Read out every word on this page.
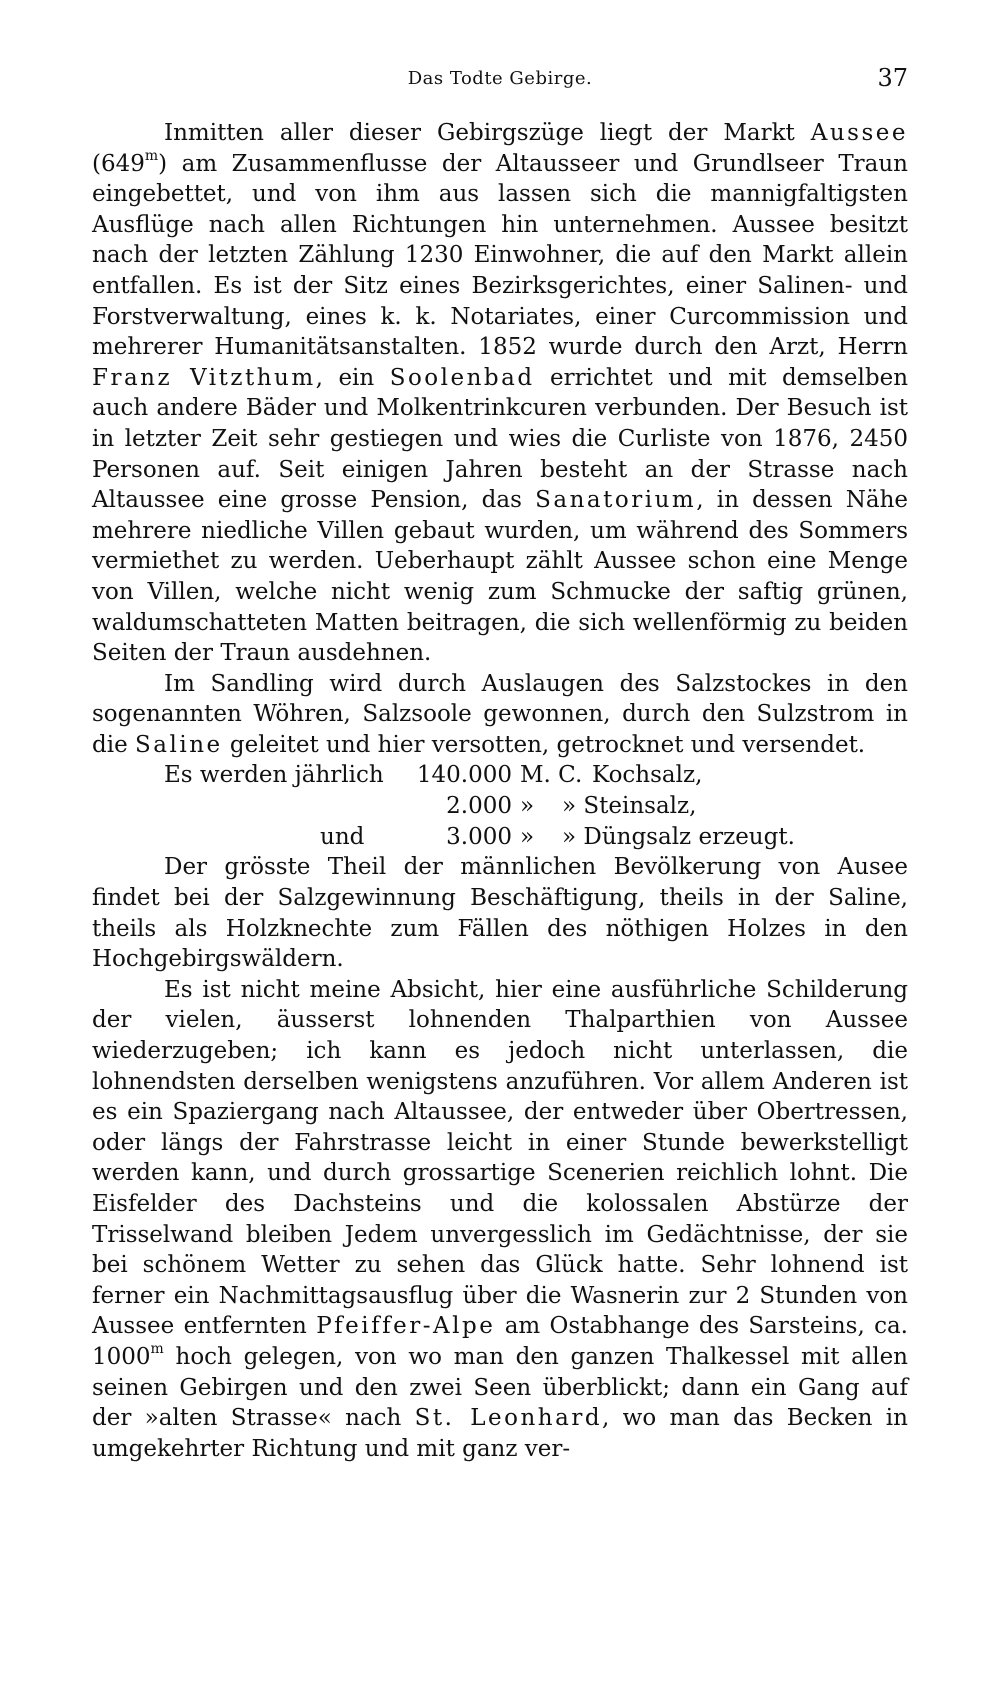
Das Todte Gebirge.	37

Inmitten aller dieser Gebirgszüge liegt der Markt Aussee (649$^m$) am Zusammenflusse der Altausseer und Grundlseer Traun eingebettet, und von ihm aus lassen sich die mannigfaltigsten Ausflüge nach allen Richtungen hin unternehmen. Aussee besitzt nach der letzten Zählung 1230 Einwohner, die auf den Markt allein entfallen. Es ist der Sitz eines Bezirksgerichtes, einer Salinen- und Forstverwaltung, eines k. k. Notariates, einer Curcommission und mehrerer Humanitätsanstalten. 1852 wurde durch den Arzt, Herrn Franz Vitzthum, ein Soolenbad errichtet und mit demselben auch andere Bäder und Molkentrinkcuren verbunden. Der Besuch ist in letzter Zeit sehr gestiegen und wies die Curliste von 1876, 2450 Personen auf. Seit einigen Jahren besteht an der Strasse nach Altaussee eine grosse Pension, das Sanatorium, in dessen Nähe mehrere niedliche Villen gebaut wurden, um während des Sommers vermiethet zu werden. Ueberhaupt zählt Aussee schon eine Menge von Villen, welche nicht wenig zum Schmucke der saftig grünen, waldumschatteten Matten beitragen, die sich wellenförmig zu beiden Seiten der Traun ausdehnen.

Im Sandling wird durch Auslaugen des Salzstockes in den sogenannten Wöhren, Salzsoole gewonnen, durch den Sulzstrom in die Saline geleitet und hier versotten, getrocknet und versendet.

Es werden jährlich 140.000 M. C. Kochsalz,
2.000 » » Steinsalz,
und	3.000 » » Düngsalz erzeugt.

Der grösste Theil der männlichen Bevölkerung von Ausee findet bei der Salzgewinnung Beschäftigung, theils in der Saline, theils als Holzknechte zum Fällen des nöthigen Holzes in den Hochgebirgswäldern.

Es ist nicht meine Absicht, hier eine ausführliche Schilderung der vielen, äusserst lohnenden Thalparthien von Aussee wiederzugeben; ich kann es jedoch nicht unterlassen, die lohnendsten derselben wenigstens anzuführen. Vor allem Anderen ist es ein Spaziergang nach Altaussee, der entweder über Obertressen, oder längs der Fahrstrasse leicht in einer Stunde bewerkstelligt werden kann, und durch grossartige Scenerien reichlich lohnt. Die Eisfelder des Dachsteins und die kolossalen Abstürze der Trisselwand bleiben Jedem unvergesslich im Gedächtnisse, der sie bei schönem Wetter zu sehen das Glück hatte. Sehr lohnend ist ferner ein Nachmittagsausflug über die Wasnerin zur 2 Stunden von Aussee entfernten Pfeiffer-Alpe am Ostabhange des Sarsteins, ca. 1000$^m$ hoch gelegen, von wo man den ganzen Thalkessel mit allen seinen Gebirgen und den zwei Seen überblickt; dann ein Gang auf der »alten Strasse« nach St. Leonhard, wo man das Becken in umgekehrter Richtung und mit ganz ver-
